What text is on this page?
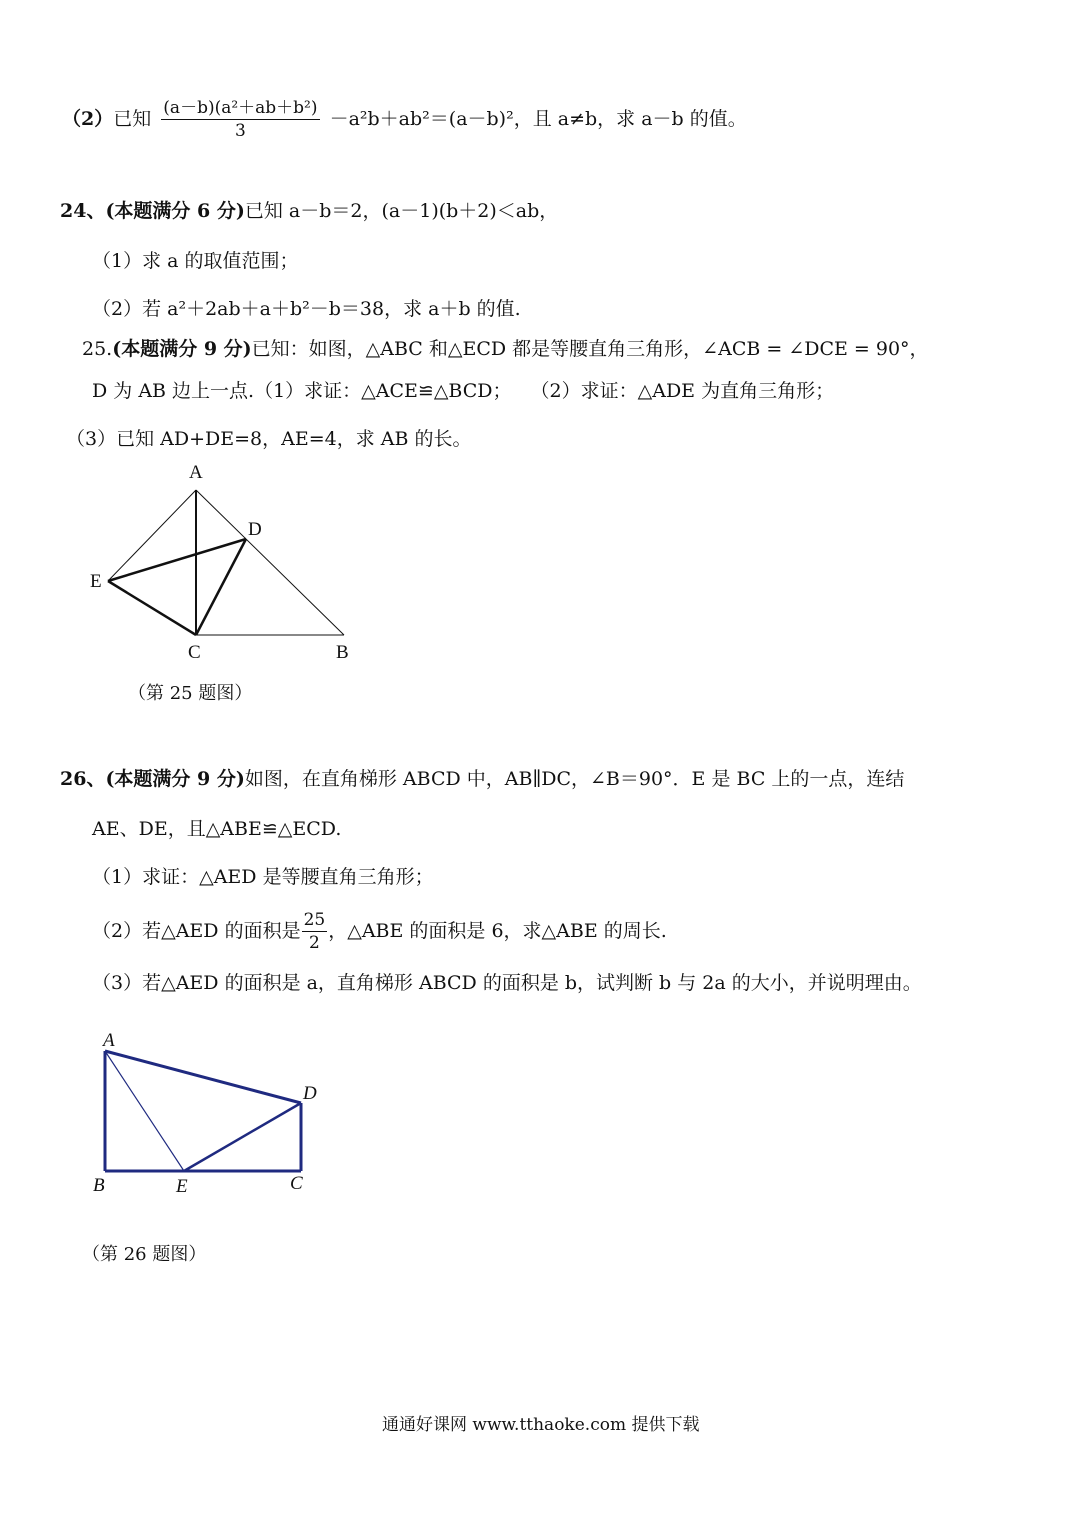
（2）已知 $\frac{\text{(a－b)(a²＋ab＋b²)}}{3} -a^2b+ab^2=(a-b)^2$，且 a≠b，求 a－b 的值。
24、(本题满分 6 分)已知 a－b＝2，(a－1)(b＋2)＜ab，
（1）求 a 的取值范围；
（2）若 a²＋2ab＋a＋b²－b＝38，求 a＋b 的值.
25.(本题满分 9 分)已知：如图，△ABC 和△ECD 都是等腰直角三角形，∠ACB = ∠DCE = 90°，
D 为 AB 边上一点.（1）求证：△ACE≌△BCD；　　（2）求证：△ADE 为直角三角形；
（3）已知 AD+DE=8，AE=4，求 AB 的长。
A
D
E
C	B
（第 25 题图）
26、(本题满分 9 分)如图，在直角梯形 ABCD 中，AB∥DC，∠B＝90°．E 是 BC 上的一点，连结
AE、DE，且△ABE≌△ECD.
（1）求证：△AED 是等腰直角三角形；
（2）若△AED 的面积是 $\frac{25}{2}$ ，△ABE 的面积是 6，求△ABE 的周长.
（3）若△AED 的面积是 a，直角梯形 ABCD 的面积是 b，试判断 b 与 2a 的大小，并说明理由。
A
D
B	E	C
（第 26 题图）
通通好课网 www.tthaoke.com 提供下载
